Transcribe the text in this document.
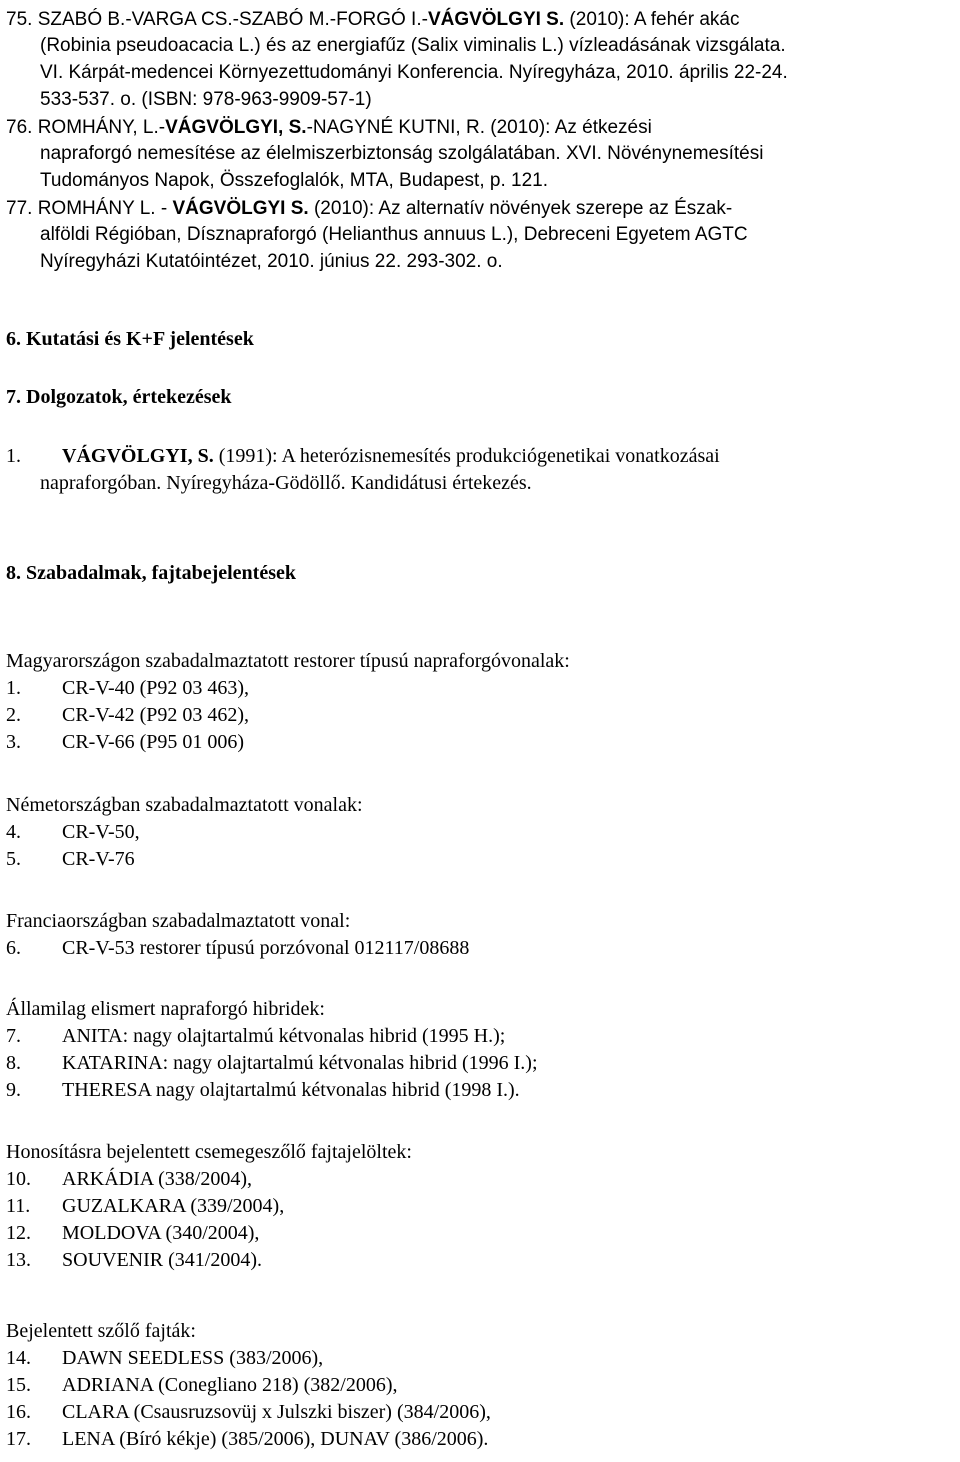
75. SZABÓ B.-VARGA CS.-SZABÓ M.-FORGÓ I.-VÁGVÖLGYI S. (2010): A fehér akác
(Robinia pseudoacacia L.) és az energiafűz (Salix viminalis L.) vízleadásának vizsgálata.
VI. Kárpát-medencei Környezettudományi Konferencia. Nyíregyháza, 2010. április 22-24.
533-537. o. (ISBN: 978-963-9909-57-1)
76. ROMHÁNY, L.-VÁGVÖLGYI, S.-NAGYNÉ KUTNI, R. (2010): Az étkezési
napraforgó nemesítése az élelmiszerbiztonság szolgálatában. XVI. Növénynemesítési
Tudományos Napok, Összefoglalók, MTA, Budapest, p. 121.
77. ROMHÁNY L. - VÁGVÖLGYI S. (2010): Az alternatív növények szerepe az Észak-
alföldi Régióban, Dísznapraforgó (Helianthus annuus L.), Debreceni Egyetem AGTC
Nyíregyházi Kutatóintézet, 2010. június 22. 293-302. o.
6. Kutatási és K+F jelentések
7. Dolgozatok, értekezések
1. VÁGVÖLGYI, S. (1991): A heterózisnemesítés produkciógenetikai vonatkozásai
napraforgóban. Nyíregyháza-Gödöllő. Kandidátusi értekezés.
8. Szabadalmak, fajtabejelentések
Magyarországon szabadalmaztatott restorer típusú napraforgóvonalak:
1. CR-V-40 (P92 03 463),
2. CR-V-42 (P92 03 462),
3. CR-V-66 (P95 01 006)
Németországban szabadalmaztatott vonalak:
4. CR-V-50,
5. CR-V-76
Franciaországban szabadalmaztatott vonal:
6. CR-V-53 restorer típusú porzóvonal 012117/08688
Államilag elismert napraforgó hibridek:
7. ANITA: nagy olajtartalmú kétvonalas hibrid (1995 H.);
8. KATARINA: nagy olajtartalmú kétvonalas hibrid (1996 I.);
9. THERESA nagy olajtartalmú kétvonalas hibrid (1998 I.).
Honosításra bejelentett csemegeszőlő fajtajelöltek:
10. ARKÁDIA (338/2004),
11. GUZALKARA (339/2004),
12. MOLDOVA (340/2004),
13. SOUVENIR (341/2004).
Bejelentett szőlő fajták:
14. DAWN SEEDLESS (383/2006),
15. ADRIANA (Conegliano 218) (382/2006),
16. CLARA (Csausruzsovüj x Julszki biszer) (384/2006),
17. LENA (Bíró kékje) (385/2006), DUNAV (386/2006).
